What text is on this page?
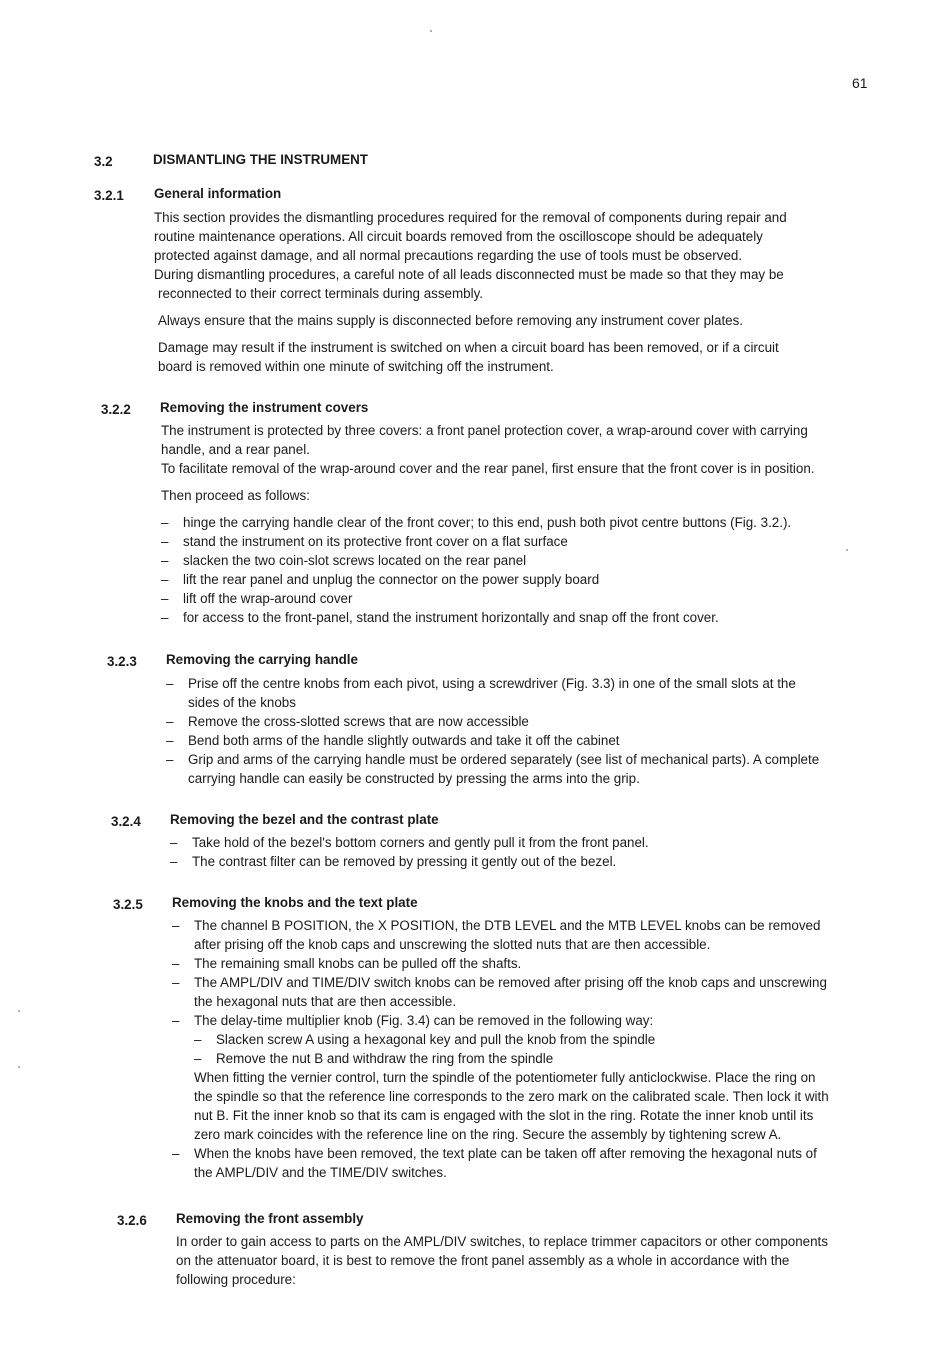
61
3.2	DISMANTLING THE INSTRUMENT
3.2.1 General information
This section provides the dismantling procedures required for the removal of components during repair and
routine maintenance operations. All circuit boards removed from the oscilloscope should be adequately
protected against damage, and all normal precautions regarding the use of tools must be observed.
During dismantling procedures, a careful note of all leads disconnected must be made so that they may be
reconnected to their correct terminals during assembly.
Always ensure that the mains supply is disconnected before removing any instrument cover plates.
Damage may result if the instrument is switched on when a circuit board has been removed, or if a circuit
board is removed within one minute of switching off the instrument.
3.2.2 Removing the instrument covers
The instrument is protected by three covers: a front panel protection cover, a wrap-around cover with carrying
handle, and a rear panel.
To facilitate removal of the wrap-around cover and the rear panel, first ensure that the front cover is in position.
Then proceed as follows:
– hinge the carrying handle clear of the front cover; to this end, push both pivot centre buttons (Fig. 3.2.).
– stand the instrument on its protective front cover on a flat surface
– slacken the two coin-slot screws located on the rear panel
– lift the rear panel and unplug the connector on the power supply board
– lift off the wrap-around cover
– for access to the front-panel, stand the instrument horizontally and snap off the front cover.
3.2.3 Removing the carrying handle
– Prise off the centre knobs from each pivot, using a screwdriver (Fig. 3.3) in one of the small slots at the
sides of the knobs
– Remove the cross-slotted screws that are now accessible
– Bend both arms of the handle slightly outwards and take it off the cabinet
– Grip and arms of the carrying handle must be ordered separately (see list of mechanical parts). A complete
carrying handle can easily be constructed by pressing the arms into the grip.
3.2.4 Removing the bezel and the contrast plate
– Take hold of the bezel's bottom corners and gently pull it from the front panel.
– The contrast filter can be removed by pressing it gently out of the bezel.
3.2.5 Removing the knobs and the text plate
– The channel B POSITION, the X POSITION, the DTB LEVEL and the MTB LEVEL knobs can be removed
after prising off the knob caps and unscrewing the slotted nuts that are then accessible.
– The remaining small knobs can be pulled off the shafts.
– The AMPL/DIV and TIME/DIV switch knobs can be removed after prising off the knob caps and unscrewing
the hexagonal nuts that are then accessible.
– The delay-time multiplier knob (Fig. 3.4) can be removed in the following way:
– Slacken screw A using a hexagonal key and pull the knob from the spindle
– Remove the nut B and withdraw the ring from the spindle
When fitting the vernier control, turn the spindle of the potentiometer fully anticlockwise. Place the ring on
the spindle so that the reference line corresponds to the zero mark on the calibrated scale. Then lock it with
nut B. Fit the inner knob so that its cam is engaged with the slot in the ring. Rotate the inner knob until its
zero mark coincides with the reference line on the ring. Secure the assembly by tightening screw A.
– When the knobs have been removed, the text plate can be taken off after removing the hexagonal nuts of
the AMPL/DIV and the TIME/DIV switches.
3.2.6 Removing the front assembly
In order to gain access to parts on the AMPL/DIV switches, to replace trimmer capacitors or other components
on the attenuator board, it is best to remove the front panel assembly as a whole in accordance with the
following procedure:
